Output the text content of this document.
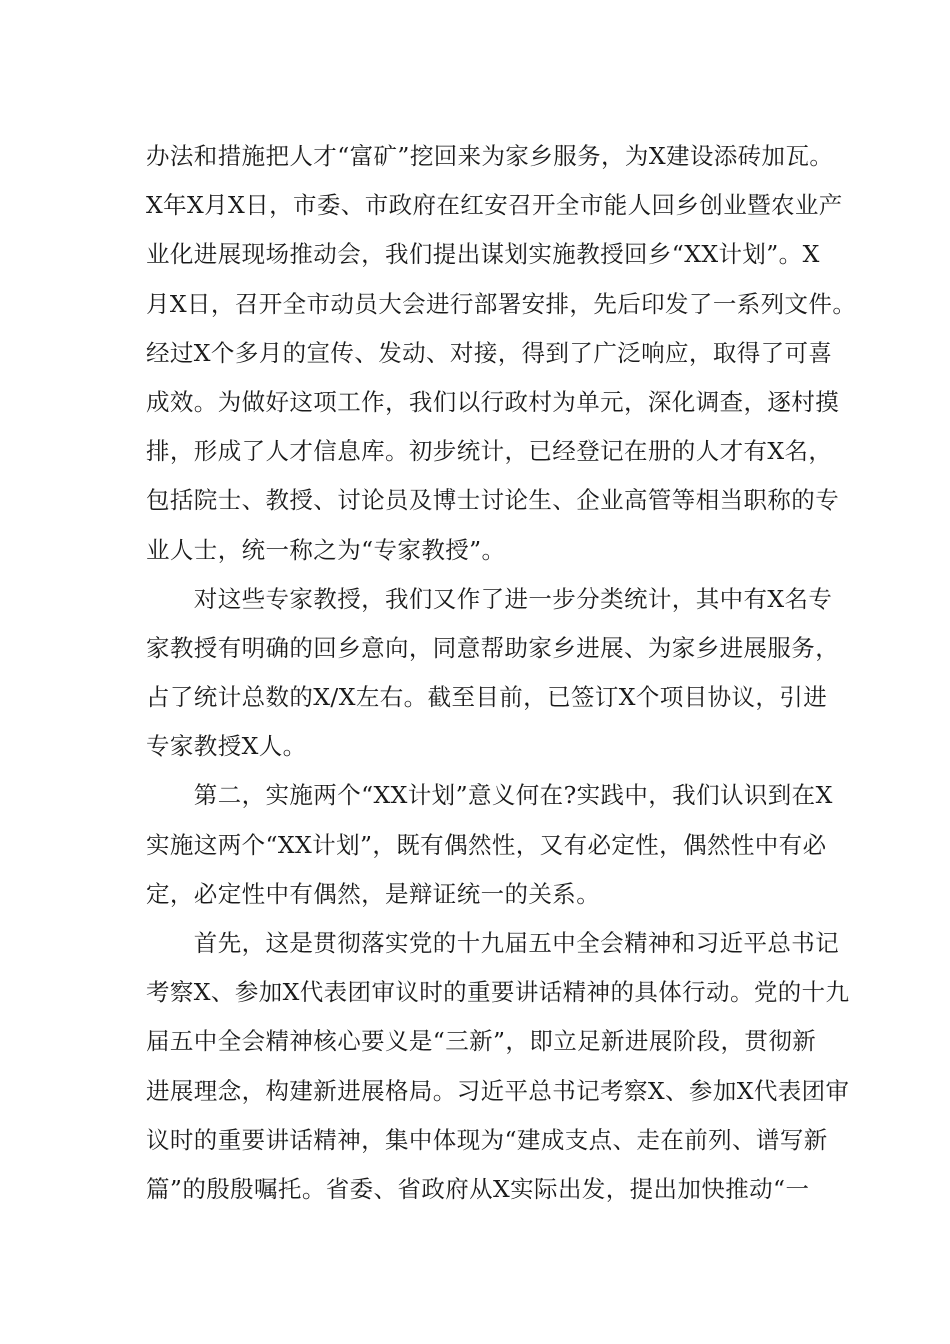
办法和措施把人才“富矿”挖回来为家乡服务，为X建设添砖加瓦。
X年X月X日，市委、市政府在红安召开全市能人回乡创业暨农业产
业化进展现场推动会，我们提出谋划实施教授回乡“XX计划”。X
月X日，召开全市动员大会进行部署安排，先后印发了一系列文件。
经过X个多月的宣传、发动、对接，得到了广泛响应，取得了可喜
成效。为做好这项工作，我们以行政村为单元，深化调查，逐村摸
排，形成了人才信息库。初步统计，已经登记在册的人才有X名，
包括院士、教授、讨论员及博士讨论生、企业高管等相当职称的专
业人士，统一称之为“专家教授”。
　　对这些专家教授，我们又作了进一步分类统计，其中有X名专
家教授有明确的回乡意向，同意帮助家乡进展、为家乡进展服务，
占了统计总数的X/X左右。截至目前，已签订X个项目协议，引进
专家教授X人。
　　第二，实施两个“XX计划”意义何在?实践中，我们认识到在X
实施这两个“XX计划”，既有偶然性，又有必定性，偶然性中有必
定，必定性中有偶然，是辩证统一的关系。
　　首先，这是贯彻落实党的十九届五中全会精神和习近平总书记
考察X、参加X代表团审议时的重要讲话精神的具体行动。党的十九
届五中全会精神核心要义是“三新”，即立足新进展阶段，贯彻新
进展理念，构建新进展格局。习近平总书记考察X、参加X代表团审
议时的重要讲话精神，集中体现为“建成支点、走在前列、谱写新
篇”的殷殷嘱托。省委、省政府从X实际出发，提出加快推动“一
